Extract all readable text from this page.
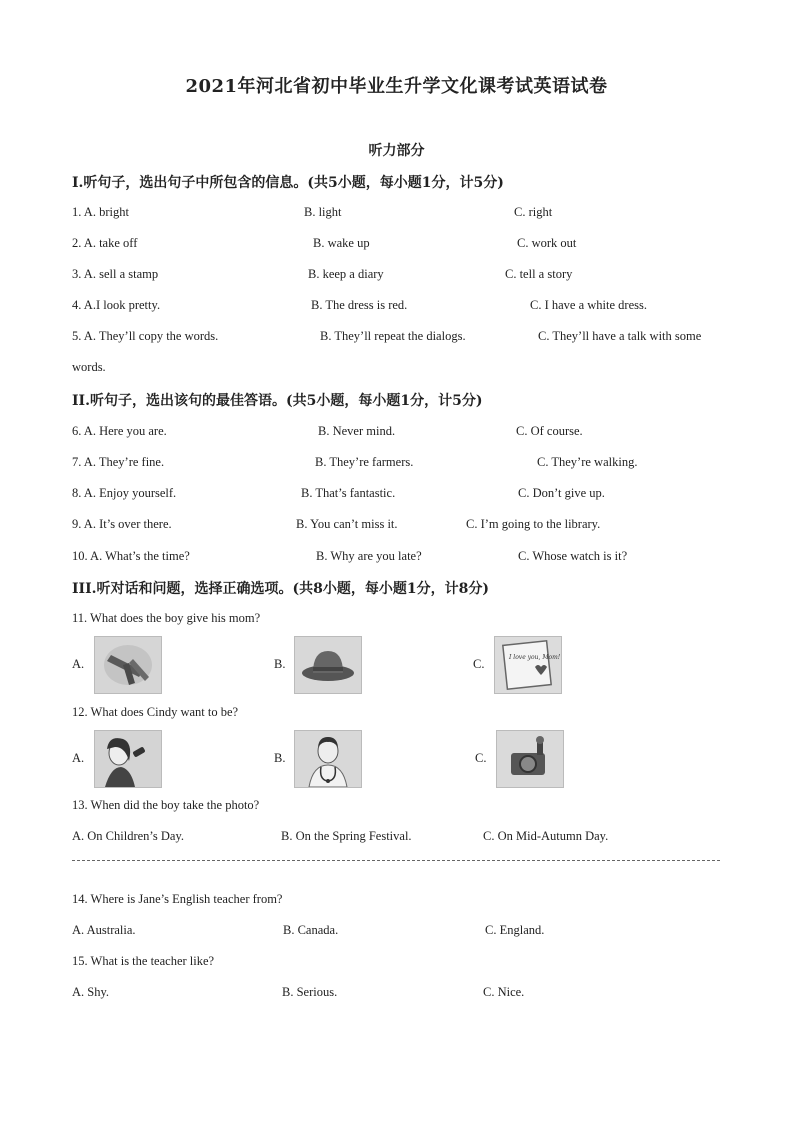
2021年河北省初中毕业生升学文化课考试英语试卷
听力部分
I.听句子，选出句子中所包含的信息。(共5小题，每小题1分，计5分)
1. A. bright	B. light	C. right
2. A. take off	B. wake up	C. work out
3. A. sell a stamp	B. keep a diary	C. tell a story
4. A.I look pretty.	B. The dress is red.	C. I have a white dress.
5. A. They’ll copy the words.	B. They’ll repeat the dialogs.	C. They’ll have a talk with some
words.
II.听句子，选出该句的最佳答语。(共5小题，每小题1分，计5分)
6. A. Here you are.	B. Never mind.	C. Of course.
7. A. They’re fine.	B. They’re farmers.	C. They’re walking.
8. A. Enjoy yourself.	B. That’s fantastic.	C. Don’t give up.
9. A. It’s over there.	B. You can’t miss it.	C. I’m going to the library.
10. A. What’s the time?	B. Why are you late?	C. Whose watch is it?
III.听对话和问题，选择正确选项。(共8小题，每小题1分，计8分)
11. What does the boy give his mom?
A.	B.	C.	I love you, Mom!
12. What does Cindy want to be?
A.	B.	C.
13. When did the boy take the photo?
A. On Children’s Day.	B. On the Spring Festival.	C. On Mid-Autumn Day.
14. Where is Jane’s English teacher from?
A. Australia.	B. Canada.	C. England.
15. What is the teacher like?
A. Shy.	B. Serious.	C. Nice.
